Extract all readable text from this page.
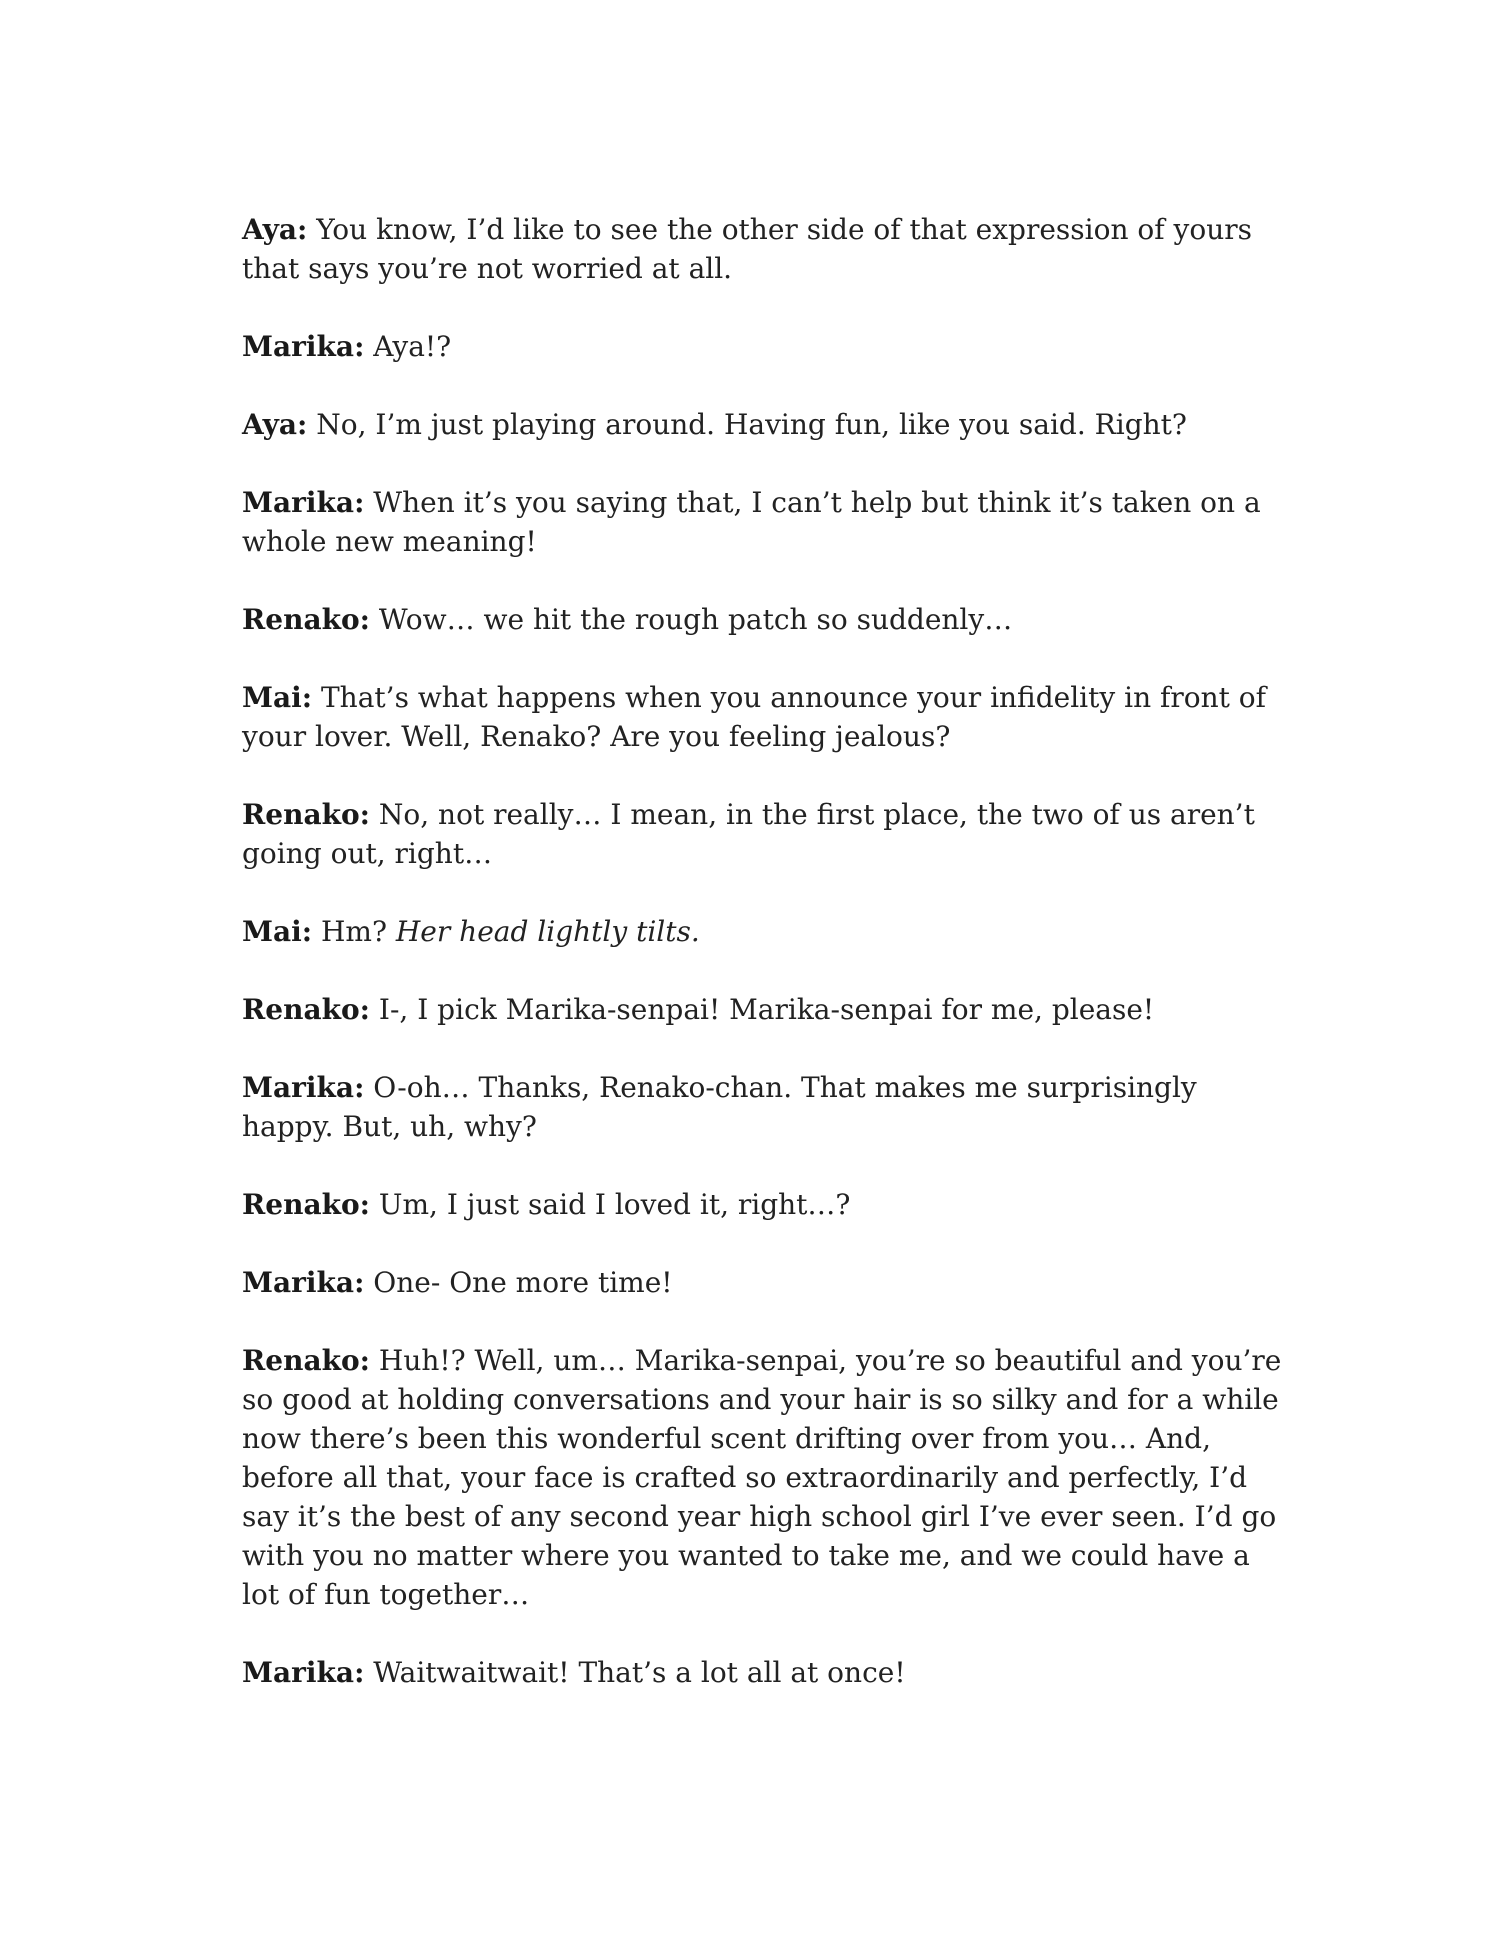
Aya: You know, I’d like to see the other side of that expression of yours that says you’re not worried at all.

Marika: Aya!?

Aya: No, I’m just playing around. Having fun, like you said. Right?

Marika: When it’s you saying that, I can’t help but think it’s taken on a whole new meaning!

Renako: Wow… we hit the rough patch so suddenly…

Mai: That’s what happens when you announce your infidelity in front of your lover. Well, Renako? Are you feeling jealous?

Renako: No, not really… I mean, in the first place, the two of us aren’t going out, right…

Mai: Hm? Her head lightly tilts.

Renako: I-, I pick Marika-senpai! Marika-senpai for me, please!

Marika: O-oh… Thanks, Renako-chan. That makes me surprisingly happy. But, uh, why?

Renako: Um, I just said I loved it, right…?

Marika: One- One more time!

Renako: Huh!? Well, um… Marika-senpai, you’re so beautiful and you’re so good at holding conversations and your hair is so silky and for a while now there’s been this wonderful scent drifting over from you… And, before all that, your face is crafted so extraordinarily and perfectly, I’d say it’s the best of any second year high school girl I’ve ever seen. I’d go with you no matter where you wanted to take me, and we could have a lot of fun together…

Marika: Waitwaitwait! That’s a lot all at once!
